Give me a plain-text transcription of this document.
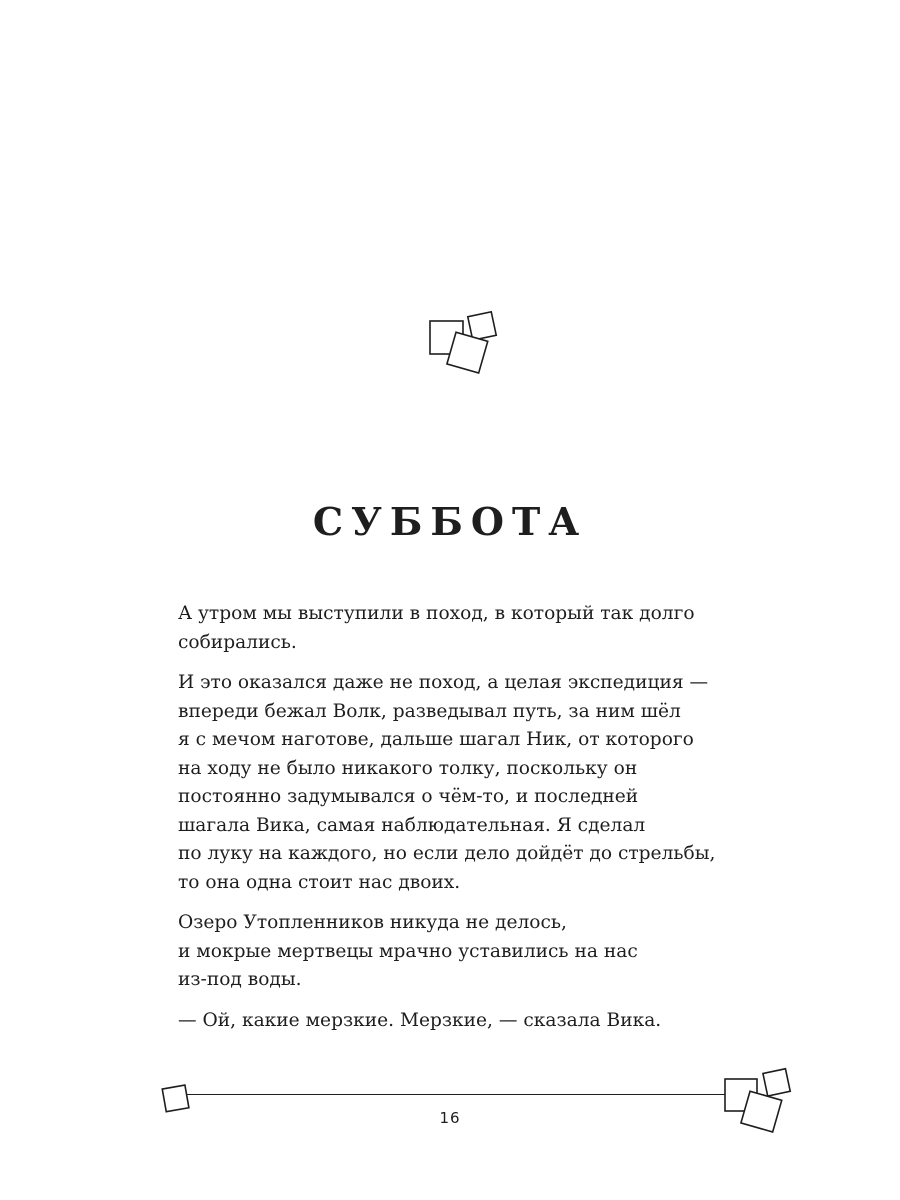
СУББОТА

А утром мы выступили в поход, в который так долго
собирались.

И это оказался даже не поход, а целая экспедиция —
впереди бежал Волк, разведывал путь, за ним шёл
я с мечом наготове, дальше шагал Ник, от которого
на ходу не было никакого толку, поскольку он
постоянно задумывался о чём-то, и последней
шагала Вика, самая наблюдательная. Я сделал
по луку на каждого, но если дело дойдёт до стрельбы,
то она одна стоит нас двоих.

Озеро Утопленников никуда не делось,
и мокрые мертвецы мрачно уставились на нас
из-под воды.

— Ой, какие мерзкие. Мерзкие, — сказала Вика.

16
